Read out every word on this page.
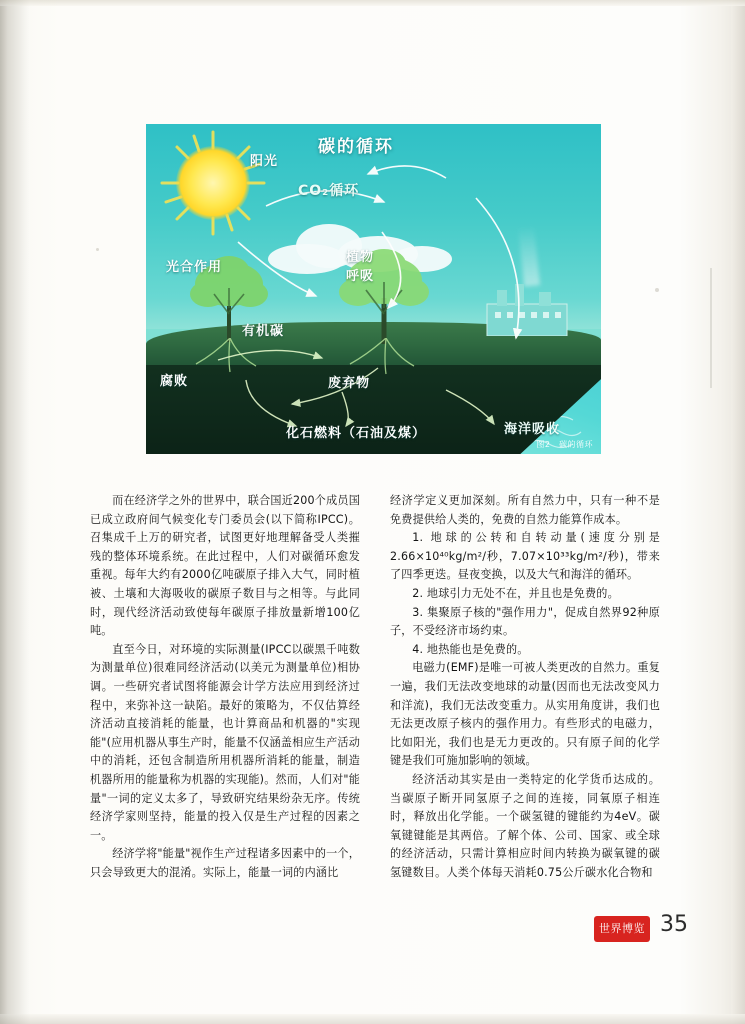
碳的循环
阳光
CO₂循环
光合作用
植物
呼吸
有机碳
腐败	废弃物
化石燃料（石油及煤）	海洋吸收
图2　碳的循环

而在经济学之外的世界中，联合国近200个成员国已成立政府间气候变化专门委员会(以下简称IPCC)。召集成千上万的研究者，试图更好地理解备受人类摧残的整体环境系统。在此过程中，人们对碳循环愈发重视。每年大约有2000亿吨碳原子排入大气，同时植被、土壤和大海吸收的碳原子数目与之相等。与此同时，现代经济活动致使每年碳原子排放量新增100亿吨。

直至今日，对环境的实际测量(IPCC以碳黑千吨数为测量单位)很难同经济活动(以美元为测量单位)相协调。一些研究者试图将能源会计学方法应用到经济过程中，来弥补这一缺陷。最好的策略为，不仅估算经济活动直接消耗的能量，也计算商品和机器的"实现能"(应用机器从事生产时，能量不仅涵盖相应生产活动中的消耗，还包含制造所用机器所消耗的能量，制造机器所用的能量称为机器的实现能)。然而，人们对"能量"一词的定义太多了，导致研究结果纷杂无序。传统经济学家则坚持，能量的投入仅是生产过程的因素之一。

经济学将"能量"视作生产过程诸多因素中的一个，只会导致更大的混淆。实际上，能量一词的内涵比

经济学定义更加深刻。所有自然力中，只有一种不是免费提供给人类的，免费的自然力能算作成本。

1. 地球的公转和自转动量(速度分别是2.66×10⁴⁰kg/m²/秒，7.07×10³³kg/m²/秒)，带来了四季更迭。昼夜变换，以及大气和海洋的循环。

2. 地球引力无处不在，并且也是免费的。

3. 集聚原子核的"强作用力"，促成自然界92种原子，不受经济市场约束。

4. 地热能也是免费的。

电磁力(EMF)是唯一可被人类更改的自然力。重复一遍，我们无法改变地球的动量(因而也无法改变风力和洋流)，我们无法改变重力。从实用角度讲，我们也无法更改原子核内的强作用力。有些形式的电磁力，比如阳光，我们也是无力更改的。只有原子间的化学键是我们可施加影响的领域。

经济活动其实是由一类特定的化学货币达成的。当碳原子断开同氢原子之间的连接，同氧原子相连时，释放出化学能。一个碳氢键的键能约为4eV。碳氧键键能是其两倍。了解个体、公司、国家、或全球的经济活动，只需计算相应时间内转换为碳氧键的碳氢键数目。人类个体每天消耗0.75公斤碳水化合物和

世界博览 35
